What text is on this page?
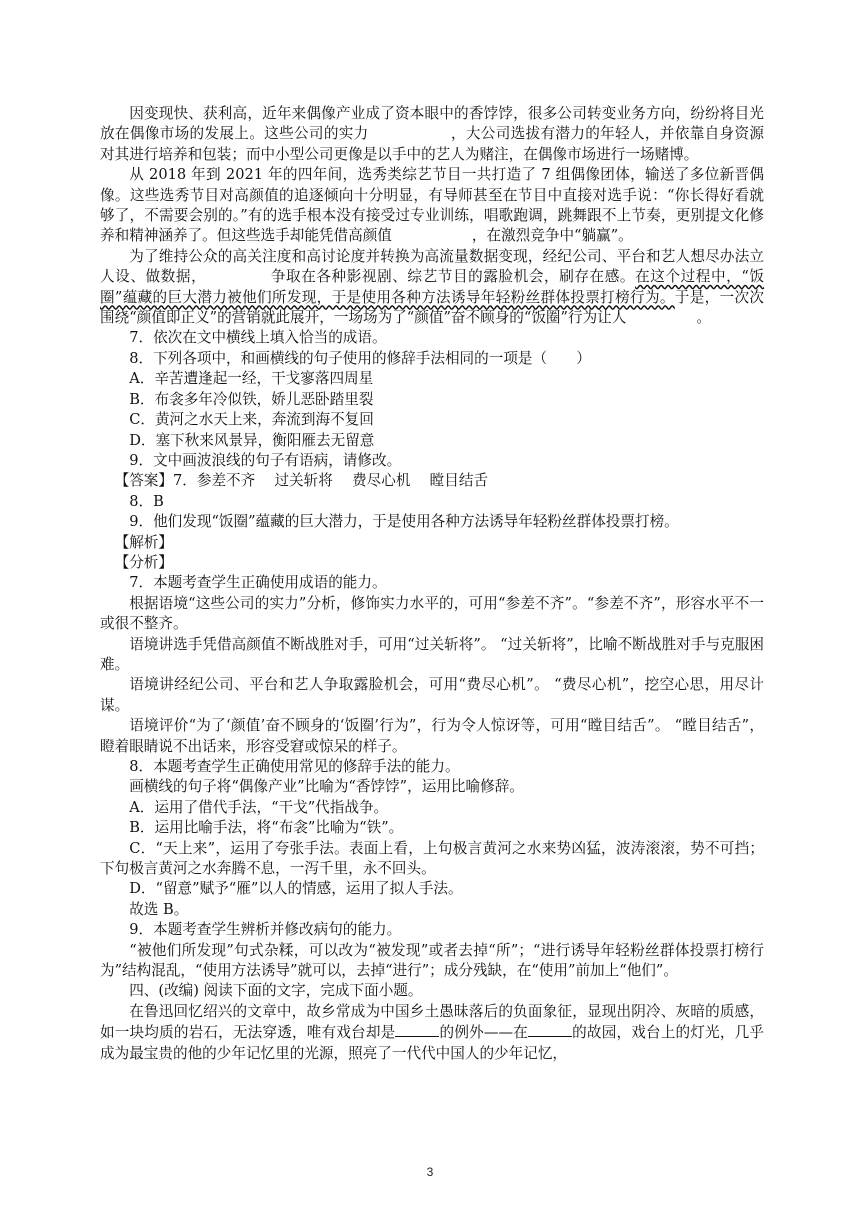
因变现快、获利高，近年来偶像产业成了资本眼中的香饽饽，很多公司转变业务方向，纷纷将目光放在偶像市场的发展上。这些公司的实力	，大公司选拔有潜力的年轻人，并依靠自身资源对其进行培养和包装；而中小型公司更像是以手中的艺人为赌注，在偶像市场进行一场赌博。

从 2018 年到 2021 年的四年间，选秀类综艺节目一共打造了 7 组偶像团体，输送了多位新晋偶像。这些选秀节目对高颜值的追逐倾向十分明显，有导师甚至在节目中直接对选手说：“你长得好看就够了，不需要会别的。”有的选手根本没有接受过专业训练，唱歌跑调，跳舞跟不上节奏，更别提文化修养和精神涵养了。但这些选手却能凭借高颜值	，在激烈竞争中“躺赢”。

为了维持公众的高关注度和高讨论度并转换为高流量数据变现，经纪公司、平台和艺人想尽办法立人设、做数据，	争取在各种影视剧、综艺节目的露脸机会，刷存在感。在这个过程中，“饭圈”蕴藏的巨大潜力被他们所发现，于是使用各种方法诱导年轻粉丝群体投票打榜行为。于是，一次次围绕“颜值即正义”的营销就此展开，一场场为了“颜值”奋不顾身的“饭圈”行为让人	。

7．依次在文中横线上填入恰当的成语。

8．下列各项中，和画横线的句子使用的修辞手法相同的一项是（　　）

A．辛苦遭逢起一经，干戈寥落四周星

B．布衾多年冷似铁，娇儿恶卧踏里裂

C．黄河之水天上来，奔流到海不复回

D．塞下秋来风景异，衡阳雁去无留意

9．文中画波浪线的句子有语病，请修改。

【答案】7．参差不齐　 过关斩将　 费尽心机　 瞠目结舌

8．B

9．他们发现“饭圈”蕴藏的巨大潜力，于是使用各种方法诱导年轻粉丝群体投票打榜。

【解析】

【分析】

7．本题考查学生正确使用成语的能力。

根据语境“这些公司的实力”分析，修饰实力水平的，可用“参差不齐”。“参差不齐”，形容水平不一或很不整齐。

语境讲选手凭借高颜值不断战胜对手，可用“过关斩将”。 “过关斩将”，比喻不断战胜对手与克服困难。

语境讲经纪公司、平台和艺人争取露脸机会，可用“费尽心机”。 “费尽心机”，挖空心思，用尽计谋。

语境评价“为了‘颜值’奋不顾身的‘饭圈’行为”，行为令人惊讶等，可用“瞠目结舌”。 “瞠目结舌”，瞪着眼睛说不出话来，形容受窘或惊呆的样子。

8．本题考查学生正确使用常见的修辞手法的能力。

画横线的句子将“偶像产业”比喻为“香饽饽”，运用比喻修辞。

A．运用了借代手法，“干戈”代指战争。

B．运用比喻手法，将“布衾”比喻为“铁”。

C．“天上来”，运用了夸张手法。表面上看，上句极言黄河之水来势凶猛，波涛滚滚，势不可挡；下句极言黄河之水奔腾不息，一泻千里，永不回头。

D．“留意”赋予“雁”以人的情感，运用了拟人手法。

故选 B。

9．本题考查学生辨析并修改病句的能力。

“被他们所发现”句式杂糅，可以改为“被发现”或者去掉“所”；“进行诱导年轻粉丝群体投票打榜行为”结构混乱，“使用方法诱导”就可以，去掉“进行”；成分残缺，在“使用”前加上“他们”。

四、(改编) 阅读下面的文字，完成下面小题。

在鲁迅回忆绍兴的文章中，故乡常成为中国乡土愚昧落后的负面象征，显现出阴冷、灰暗的质感，如一块均质的岩石，无法穿透，唯有戏台却是	的例外——在	的故园，戏台上的灯光，几乎成为最宝贵的他的少年记忆里的光源，照亮了一代代中国人的少年记忆，

3
